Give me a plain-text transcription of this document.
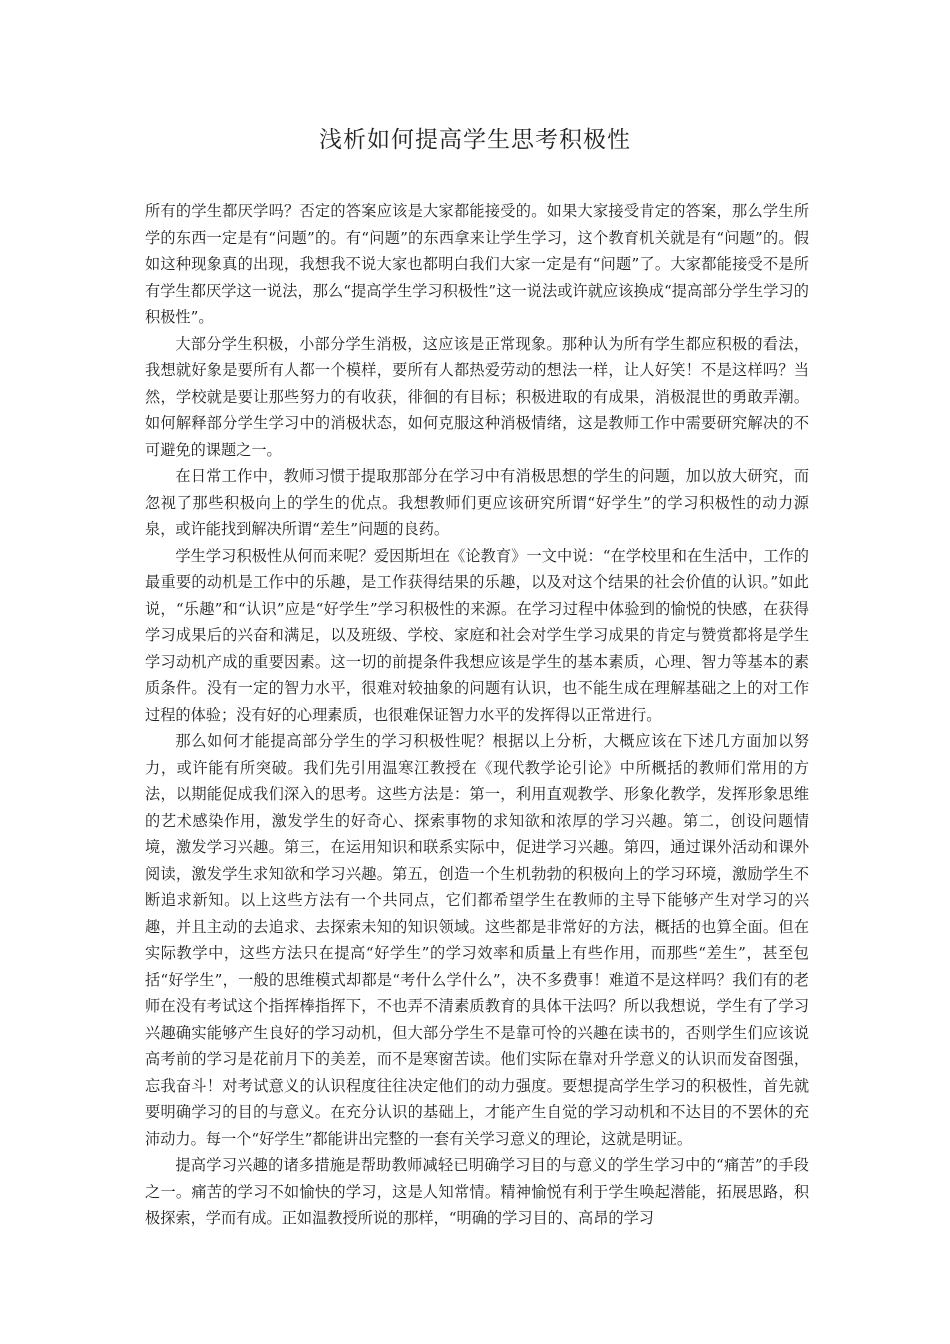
浅析如何提高学生思考积极性

所有的学生都厌学吗？否定的答案应该是大家都能接受的。如果大家接受肯定的答案，那么学生所学的东西一定是有“问题”的。有“问题”的东西拿来让学生学习，这个教育机关就是有“问题”的。假如这种现象真的出现，我想我不说大家也都明白我们大家一定是有“问题”了。大家都能接受不是所有学生都厌学这一说法，那么“提高学生学习积极性”这一说法或许就应该换成“提高部分学生学习的积极性”。

大部分学生积极，小部分学生消极，这应该是正常现象。那种认为所有学生都应积极的看法，我想就好象是要所有人都一个模样，要所有人都热爱劳动的想法一样，让人好笑！不是这样吗？当然，学校就是要让那些努力的有收获，徘徊的有目标；积极进取的有成果，消极混世的勇敢弄潮。如何解释部分学生学习中的消极状态，如何克服这种消极情绪，这是教师工作中需要研究解决的不可避免的课题之一。

在日常工作中，教师习惯于提取那部分在学习中有消极思想的学生的问题，加以放大研究，而忽视了那些积极向上的学生的优点。我想教师们更应该研究所谓“好学生”的学习积极性的动力源泉，或许能找到解决所谓“差生”问题的良药。

学生学习积极性从何而来呢？爱因斯坦在《论教育》一文中说：“在学校里和在生活中，工作的最重要的动机是工作中的乐趣，是工作获得结果的乐趣，以及对这个结果的社会价值的认识。”如此说，“乐趣”和“认识”应是“好学生”学习积极性的来源。在学习过程中体验到的愉悦的快感，在获得学习成果后的兴奋和满足，以及班级、学校、家庭和社会对学生学习成果的肯定与赞赏都将是学生学习动机产成的重要因素。这一切的前提条件我想应该是学生的基本素质，心理、智力等基本的素质条件。没有一定的智力水平，很难对较抽象的问题有认识，也不能生成在理解基础之上的对工作过程的体验；没有好的心理素质，也很难保证智力水平的发挥得以正常进行。

那么如何才能提高部分学生的学习积极性呢？根据以上分析，大概应该在下述几方面加以努力，或许能有所突破。我们先引用温寒江教授在《现代教学论引论》中所概括的教师们常用的方法，以期能促成我们深入的思考。这些方法是：第一，利用直观教学、形象化教学，发挥形象思维的艺术感染作用，激发学生的好奇心、探索事物的求知欲和浓厚的学习兴趣。第二，创设问题情境，激发学习兴趣。第三，在运用知识和联系实际中，促进学习兴趣。第四，通过课外活动和课外阅读，激发学生求知欲和学习兴趣。第五，创造一个生机勃勃的积极向上的学习环境，激励学生不断追求新知。以上这些方法有一个共同点，它们都希望学生在教师的主导下能够产生对学习的兴趣，并且主动的去追求、去探索未知的知识领域。这些都是非常好的方法，概括的也算全面。但在实际教学中，这些方法只在提高“好学生”的学习效率和质量上有些作用，而那些“差生”，甚至包括“好学生”，一般的思维模式却都是“考什么学什么”，决不多费事！难道不是这样吗？我们有的老师在没有考试这个指挥棒指挥下，不也弄不清素质教育的具体干法吗？所以我想说，学生有了学习兴趣确实能够产生良好的学习动机，但大部分学生不是靠可怜的兴趣在读书的，否则学生们应该说高考前的学习是花前月下的美差，而不是寒窗苦读。他们实际在靠对升学意义的认识而发奋图强，忘我奋斗！对考试意义的认识程度往往决定他们的动力强度。要想提高学生学习的积极性，首先就要明确学习的目的与意义。在充分认识的基础上，才能产生自觉的学习动机和不达目的不罢休的充沛动力。每一个“好学生”都能讲出完整的一套有关学习意义的理论，这就是明证。

提高学习兴趣的诸多措施是帮助教师减轻已明确学习目的与意义的学生学习中的“痛苦”的手段之一。痛苦的学习不如愉快的学习，这是人知常情。精神愉悦有利于学生唤起潜能，拓展思路，积极探索，学而有成。正如温教授所说的那样，“明确的学习目的、高昂的学习
